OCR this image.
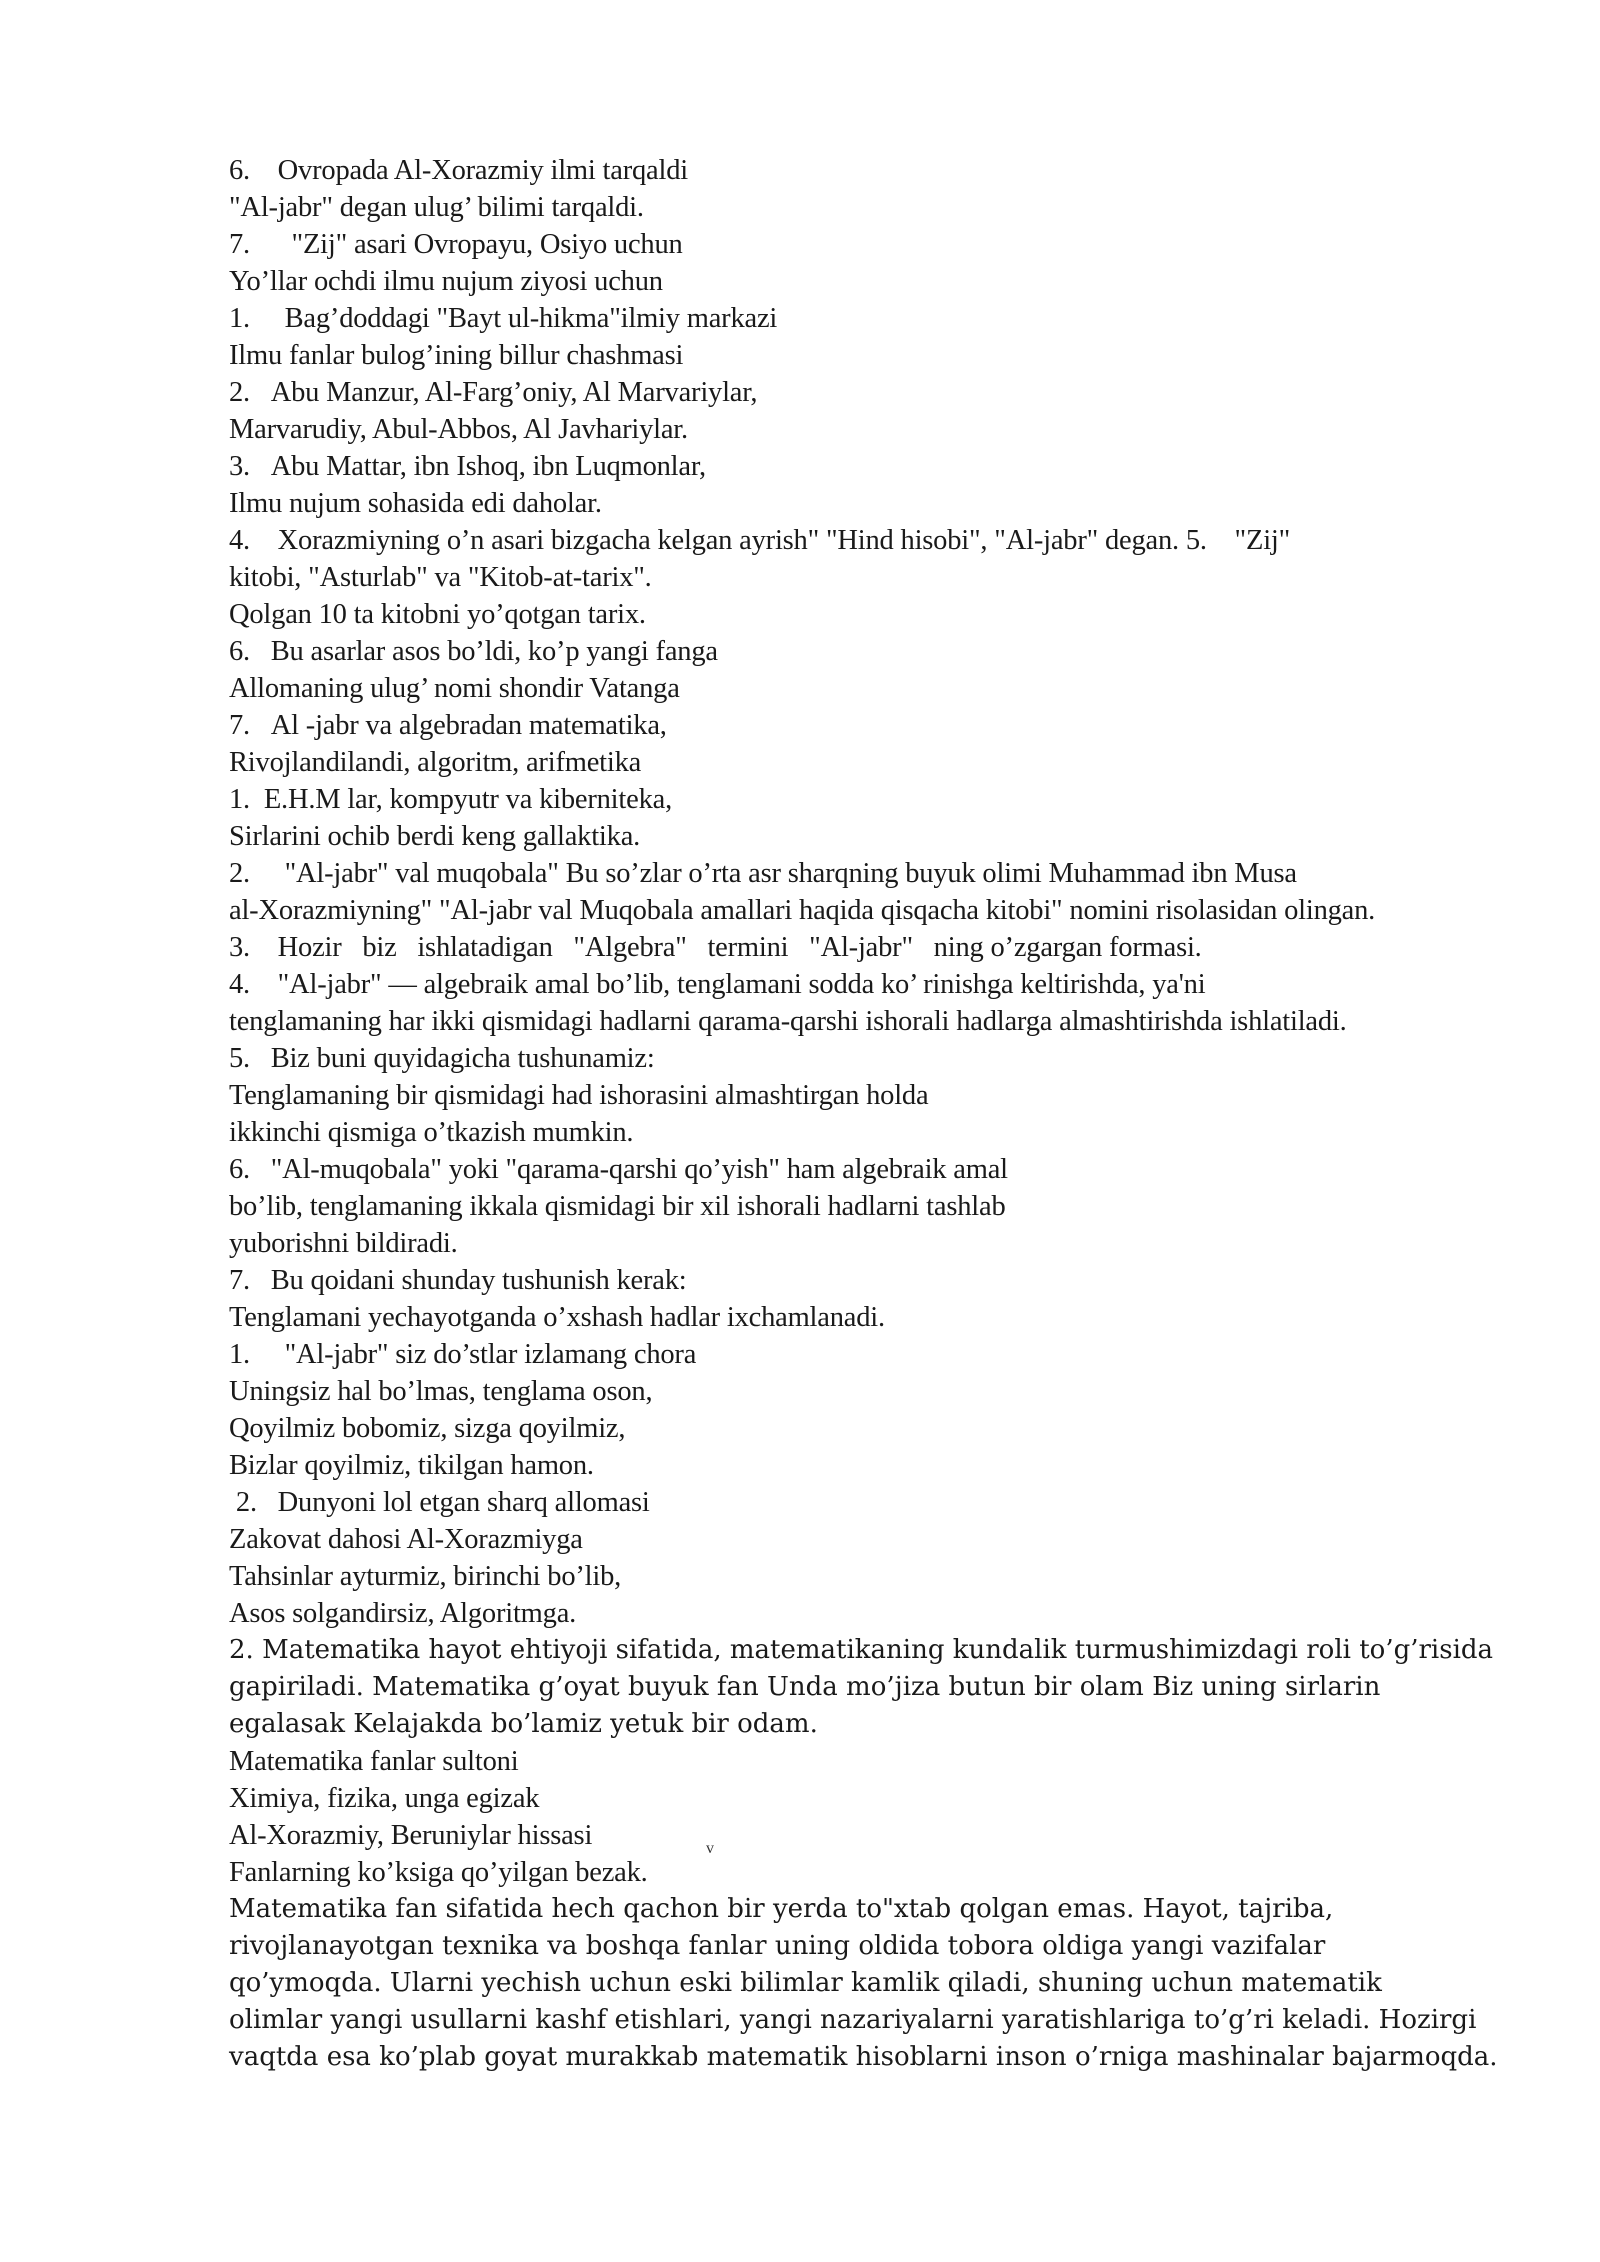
6.    Ovropada Al-Xorazmiy ilmi tarqaldi
"Al-jabr" degan ulug’ bilimi tarqaldi.
7.      "Zij" asari Ovropayu, Osiyo uchun
Yo’llar ochdi ilmu nujum ziyosi uchun
1.     Bag’doddagi "Bayt ul-hikma"ilmiy markazi
Ilmu fanlar bulog’ining billur chashmasi
2.   Abu Manzur, Al-Farg’oniy, Al Marvariylar,
Marvarudiy, Abul-Abbos, Al Javhariylar.
3.   Abu Mattar, ibn Ishoq, ibn Luqmonlar,
Ilmu nujum sohasida edi daholar.
4.    Xorazmiyning o’n asari bizgacha kelgan ayrish" "Hind hisobi", "Al-jabr" degan. 5.    "Zij"
kitobi, "Asturlab" va "Kitob-at-tarix".
Qolgan 10 ta kitobni yo’qotgan tarix.
6.   Bu asarlar asos bo’ldi, ko’p yangi fanga
Allomaning ulug’ nomi shondir Vatanga
7.   Al -jabr va algebradan matematika,
Rivojlandilandi, algoritm, arifmetika
1.  E.H.M lar, kompyutr va kiberniteka,
Sirlarini ochib berdi keng gallaktika.
2.     "Al-jabr" val muqobala" Bu so’zlar o’rta asr sharqning buyuk olimi Muhammad ibn Musa
al-Xorazmiyning" "Al-jabr val Muqobala amallari haqida qisqacha kitobi" nomini risolasidan olingan.
3.    Hozir   biz   ishlatadigan   "Algebra"   termini   "Al-jabr"   ning o’zgargan formasi.
4.    "Al-jabr" — algebraik amal bo’lib, tenglamani sodda ko’ rinishga keltirishda, ya'ni
tenglamaning har ikki qismidagi hadlarni qarama-qarshi ishorali hadlarga almashtirishda ishlatiladi.
5.   Biz buni quyidagicha tushunamiz:
Tenglamaning bir qismidagi had ishorasini almashtirgan holda
ikkinchi qismiga o’tkazish mumkin.
6.   "Al-muqobala" yoki "qarama-qarshi qo’yish" ham algebraik amal
bo’lib, tenglamaning ikkala qismidagi bir xil ishorali hadlarni tashlab
yuborishni bildiradi.
7.   Bu qoidani shunday tushunish kerak:
Tenglamani yechayotganda o’xshash hadlar ixchamlanadi.
1.     "Al-jabr" siz do’stlar izlamang chora
Uningsiz hal bo’lmas, tenglama oson,
Qoyilmiz bobomiz, sizga qoyilmiz,
Bizlar qoyilmiz, tikilgan hamon.
2.   Dunyoni lol etgan sharq allomasi
Zakovat dahosi Al-Xorazmiyga
Tahsinlar ayturmiz, birinchi bo’lib,
Asos solgandirsiz, Algoritmga.
2. Matematika hayot ehtiyoji sifatida, matematikaning kundalik turmushimizdagi roli to’g’risida
gapiriladi. Matematika g’oyat buyuk fan Unda mo’jiza butun bir olam Biz uning sirlarin
egalasak Kelajakda bo’lamiz yetuk bir odam.
Matematika fanlar sultoni
Ximiya, fizika, unga egizak
Al-Xorazmiy, Beruniylar hissasi
Fanlarning ko’ksiga qo’yilgan bezak.
Matematika fan sifatida hech qachon bir yerda to"xtab qolgan emas. Hayot, tajriba,
rivojlanayotgan texnika va boshqa fanlar uning oldida tobora oldiga yangi vazifalar
qo’ymoqda. Ularni yechish uchun eski bilimlar kamlik qiladi, shuning uchun matematik
olimlar yangi usullarni kashf etishlari, yangi nazariyalarni yaratishlariga to’g’ri keladi. Hozirgi
vaqtda esa ko’plab goyat murakkab matematik hisoblarni inson o’rniga mashinalar bajarmoqda.
v
